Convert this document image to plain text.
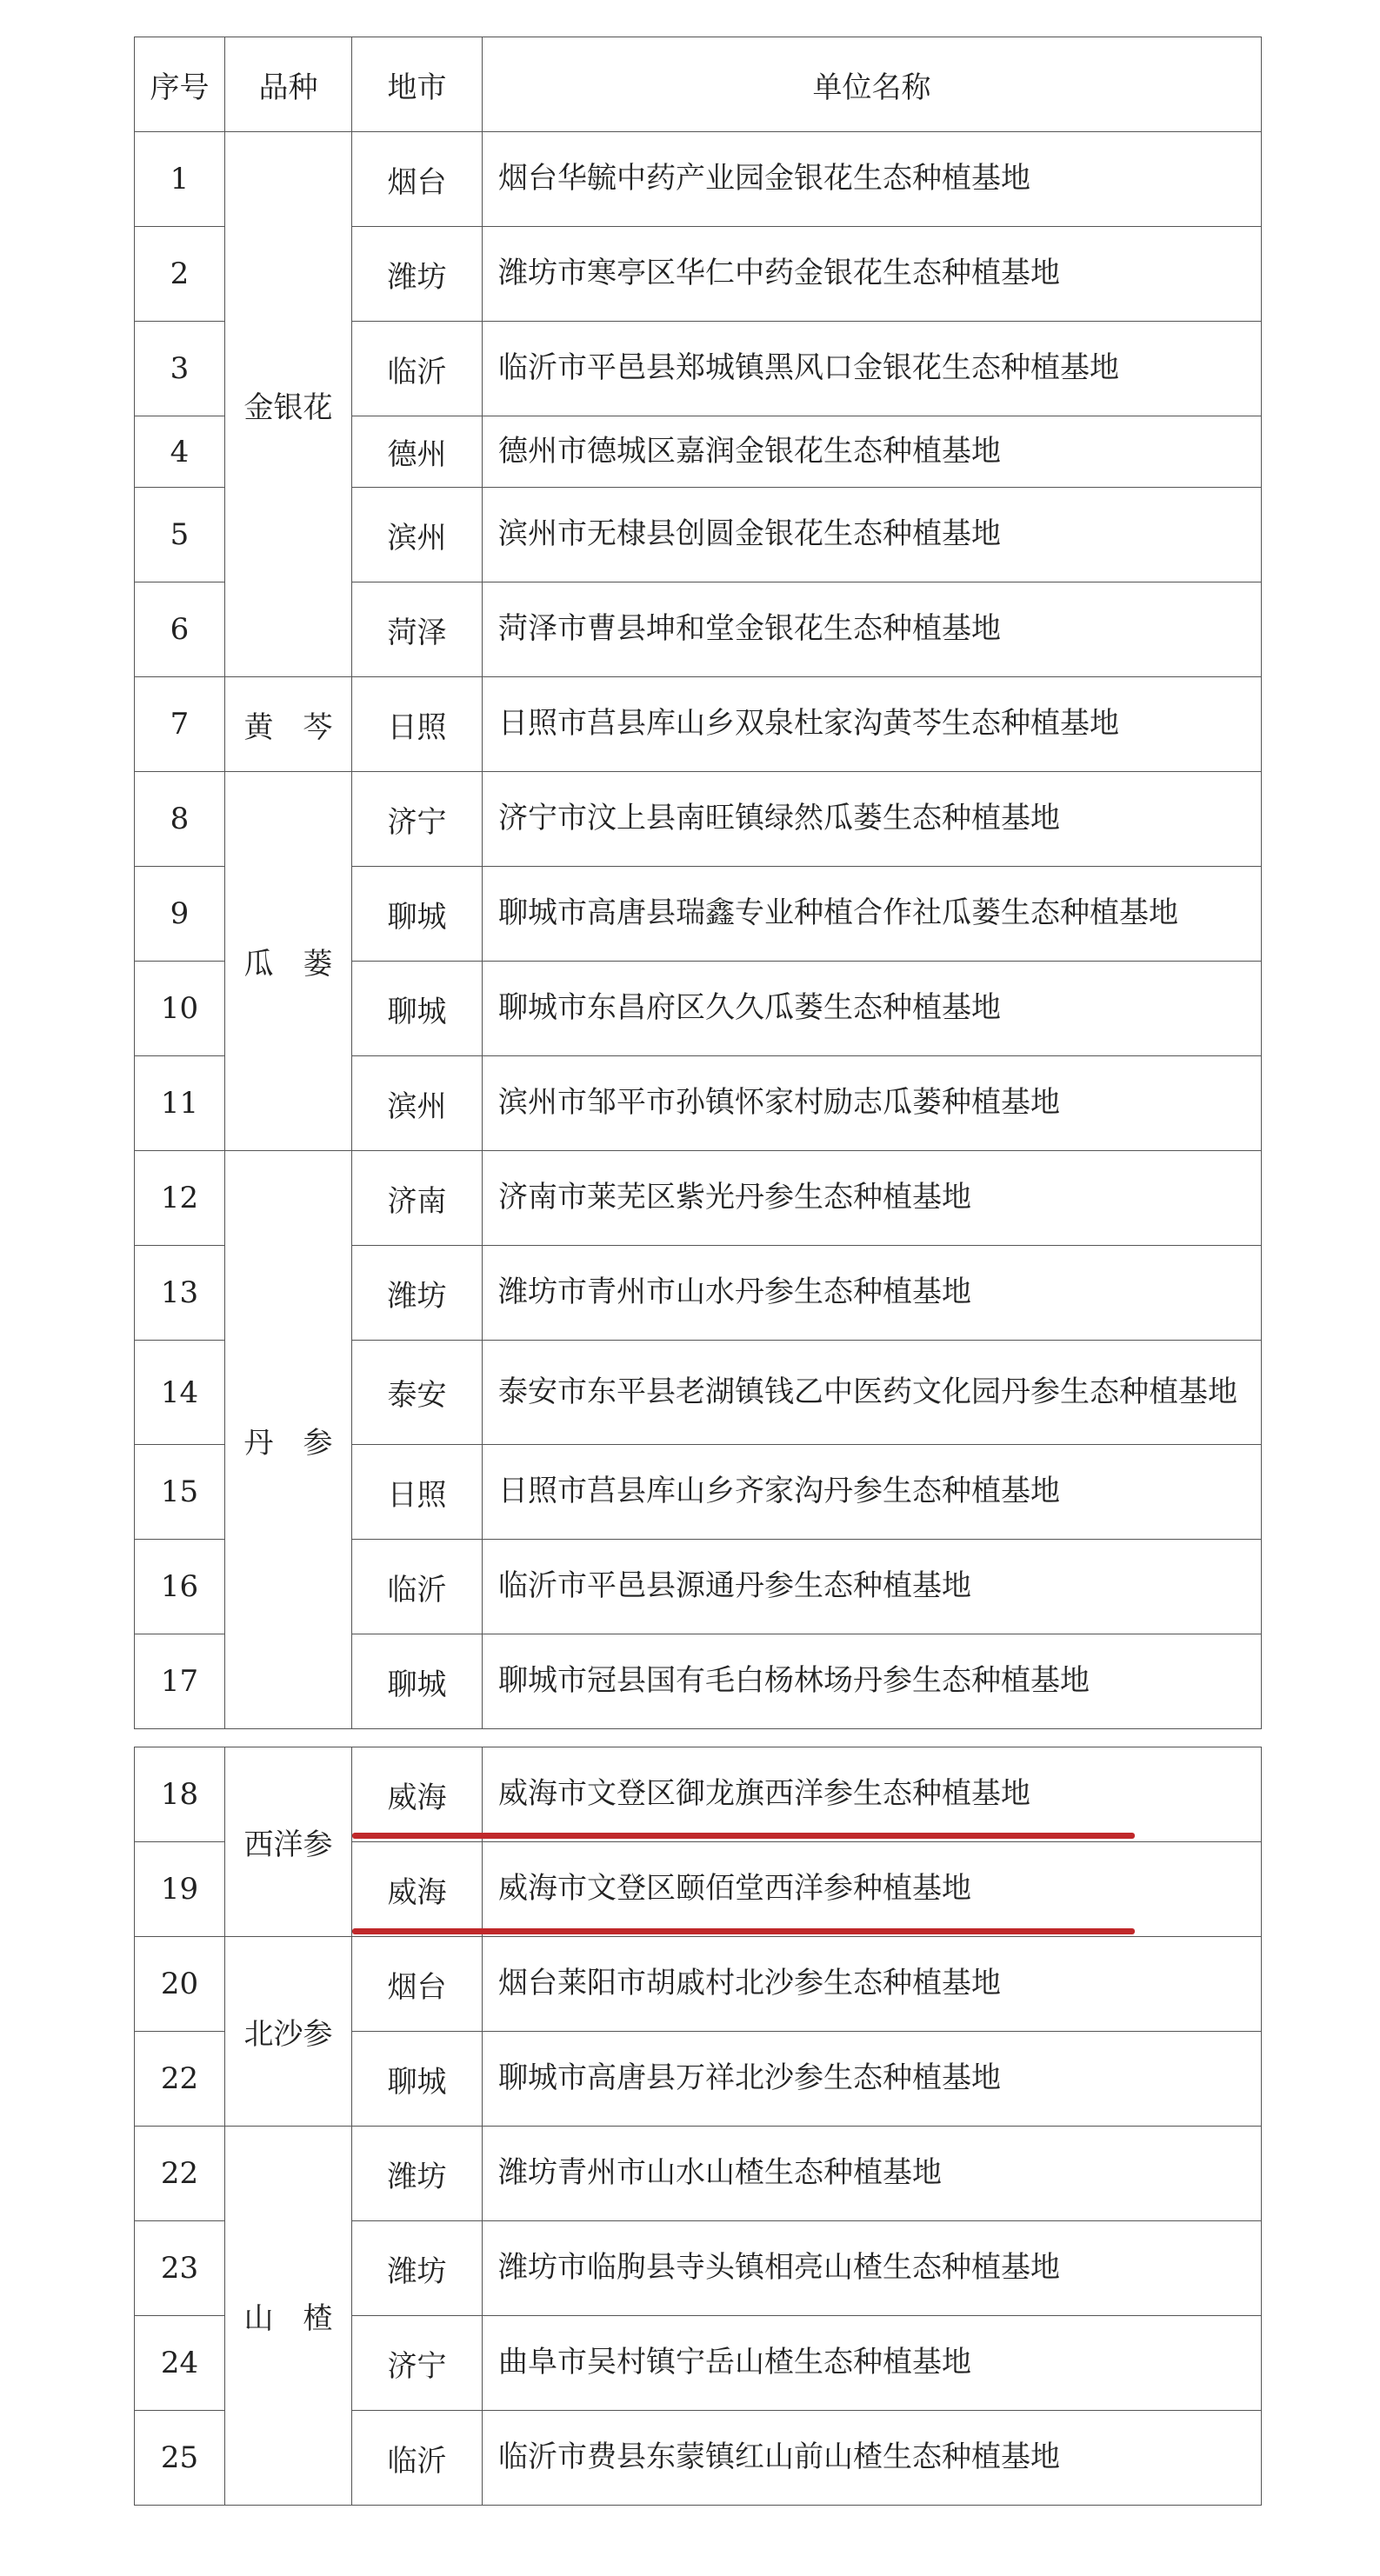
序号	品种	地市	单位名称
1	金银花	烟台	烟台华毓中药产业园金银花生态种植基地
2		潍坊	潍坊市寒亭区华仁中药金银花生态种植基地
3		临沂	临沂市平邑县郑城镇黑风口金银花生态种植基地
4		德州	德州市德城区嘉润金银花生态种植基地
5		滨州	滨州市无棣县创圆金银花生态种植基地
6		菏泽	菏泽市曹县坤和堂金银花生态种植基地
7	黄　芩	日照	日照市莒县库山乡双泉杜家沟黄芩生态种植基地
8	瓜　蒌	济宁	济宁市汶上县南旺镇绿然瓜蒌生态种植基地
9		聊城	聊城市高唐县瑞鑫专业种植合作社瓜蒌生态种植基地
10		聊城	聊城市东昌府区久久瓜蒌生态种植基地
11		滨州	滨州市邹平市孙镇怀家村励志瓜蒌种植基地
12	丹　参	济南	济南市莱芜区紫光丹参生态种植基地
13		潍坊	潍坊市青州市山水丹参生态种植基地
14		泰安	泰安市东平县老湖镇钱乙中医药文化园丹参生态种植基地
15		日照	日照市莒县库山乡齐家沟丹参生态种植基地
16		临沂	临沂市平邑县源通丹参生态种植基地
17		聊城	聊城市冠县国有毛白杨林场丹参生态种植基地
18	西洋参	威海	威海市文登区御龙旗西洋参生态种植基地
19		威海	威海市文登区颐佰堂西洋参种植基地
20	北沙参	烟台	烟台莱阳市胡戚村北沙参生态种植基地
22		聊城	聊城市高唐县万祥北沙参生态种植基地
22	山　楂	潍坊	潍坊青州市山水山楂生态种植基地
23		潍坊	潍坊市临朐县寺头镇相亮山楂生态种植基地
24		济宁	曲阜市吴村镇宁岳山楂生态种植基地
25		临沂	临沂市费县东蒙镇红山前山楂生态种植基地
